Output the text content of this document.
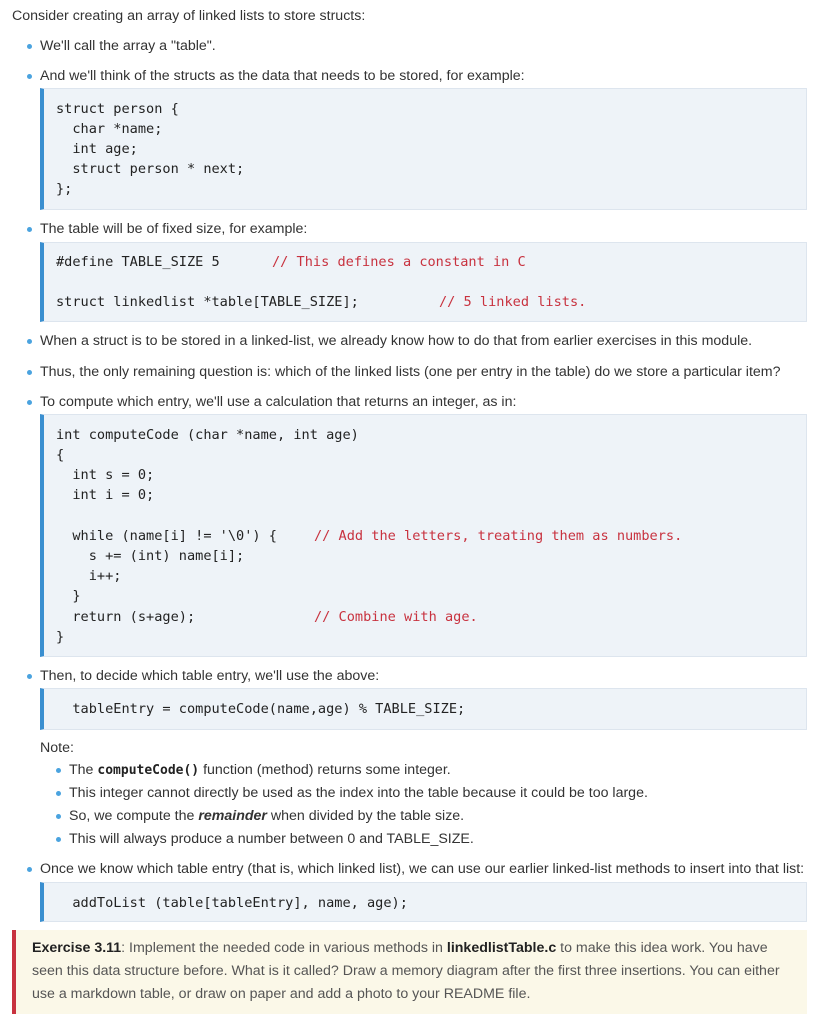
Consider creating an array of linked lists to store structs:
We'll call the array a "table".
And we'll think of the structs as the data that needs to be stored, for example:
struct person {
char *name;
int age;
struct person * next;
};
The table will be of fixed size, for example:
#define TABLE_SIZE 5	// This defines a constant in C
struct linkedlist *table[TABLE_SIZE];	// 5 linked lists.
When a struct is to be stored in a linked-list, we already know how to do that from earlier exercises in this module.
Thus, the only remaining question is: which of the linked lists (one per entry in the table) do we store a particular item?
To compute which entry, we'll use a calculation that returns an integer, as in:
int computeCode (char *name, int age)
{
int s = 0;
int i = 0;
while (name[i] != '\0') {	// Add the letters, treating them as numbers.
s += (int) name[i];
i++;
}
return (s+age);	// Combine with age.
}
Then, to decide which table entry, we'll use the above:
tableEntry = computeCode(name,age) % TABLE_SIZE;
Note:
The computeCode() function (method) returns some integer.
This integer cannot directly be used as the index into the table because it could be too large.
So, we compute the remainder when divided by the table size.
This will always produce a number between 0 and TABLE_SIZE.
Once we know which table entry (that is, which linked list), we can use our earlier linked-list methods to insert into that list:
addToList (table[tableEntry], name, age);
Exercise 3.11: Implement the needed code in various methods in linkedlistTable.c to make this idea work. You have
seen this data structure before. What is it called? Draw a memory diagram after the first three insertions. You can either
use a markdown table, or draw on paper and add a photo to your README file.
